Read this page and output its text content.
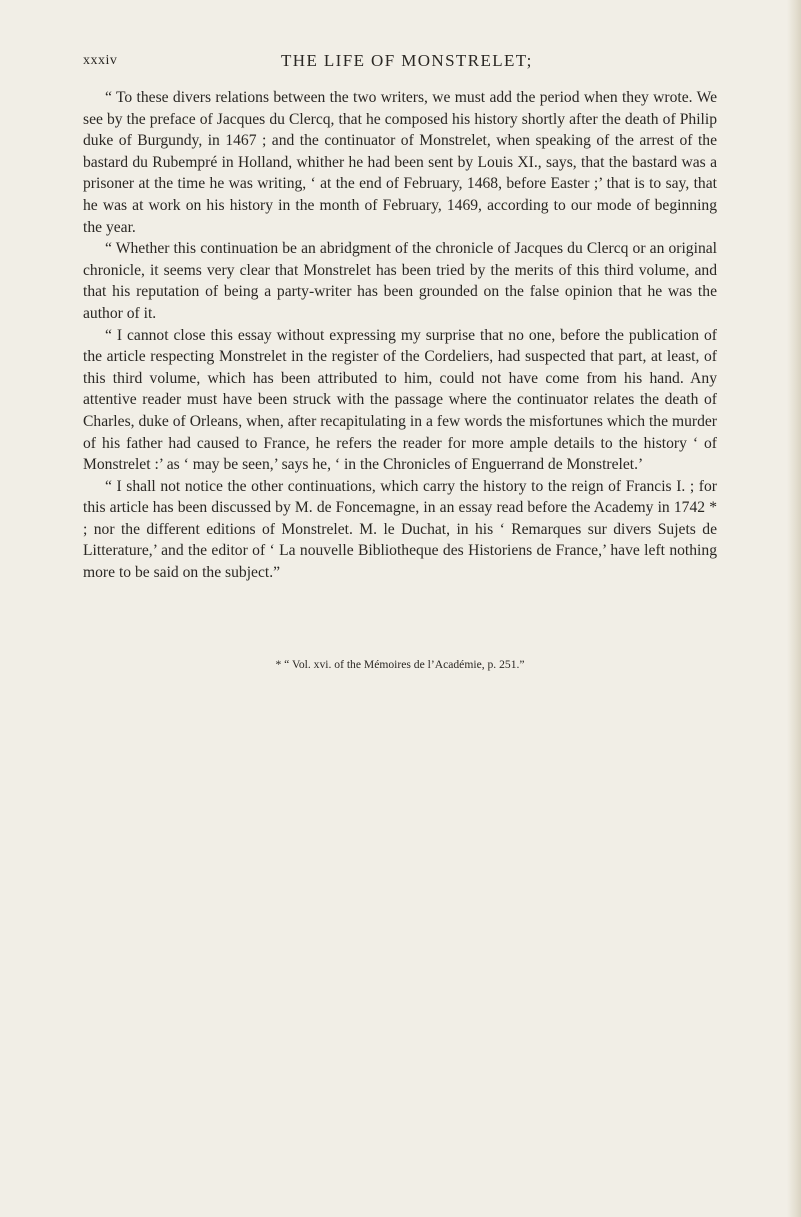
xxxiv	THE LIFE OF MONSTRELET;

“ To these divers relations between the two writers, we must add the period when they wrote. We see by the preface of Jacques du Clercq, that he composed his history shortly after the death of Philip duke of Burgundy, in 1467 ; and the continuator of Monstrelet, when speaking of the arrest of the bastard du Rubempré in Holland, whither he had been sent by Louis XI., says, that the bastard was a prisoner at the time he was writing, ‘ at the end of February, 1468, before Easter ;’ that is to say, that he was at work on his history in the month of February, 1469, according to our mode of beginning the year.

“ Whether this continuation be an abridgment of the chronicle of Jacques du Clercq or an original chronicle, it seems very clear that Monstrelet has been tried by the merits of this third volume, and that his reputation of being a party-writer has been grounded on the false opinion that he was the author of it.

“ I cannot close this essay without expressing my surprise that no one, before the publication of the article respecting Monstrelet in the register of the Cordeliers, had suspected that part, at least, of this third volume, which has been attributed to him, could not have come from his hand. Any attentive reader must have been struck with the passage where the continuator relates the death of Charles, duke of Orleans, when, after recapitulating in a few words the misfortunes which the murder of his father had caused to France, he refers the reader for more ample details to the history ‘ of Monstrelet :’ as ‘ may be seen,’ says he, ‘ in the Chronicles of Enguerrand de Monstrelet.’

“ I shall not notice the other continuations, which carry the history to the reign of Francis I. ; for this article has been discussed by M. de Foncemagne, in an essay read before the Academy in 1742 * ; nor the different editions of Monstrelet. M. le Duchat, in his ‘ Remarques sur divers Sujets de Litterature,’ and the editor of ‘ La nouvelle Bibliotheque des Historiens de France,’ have left nothing more to be said on the subject.”

* “ Vol. xvi. of the Mémoires de l’Académie, p. 251.”
